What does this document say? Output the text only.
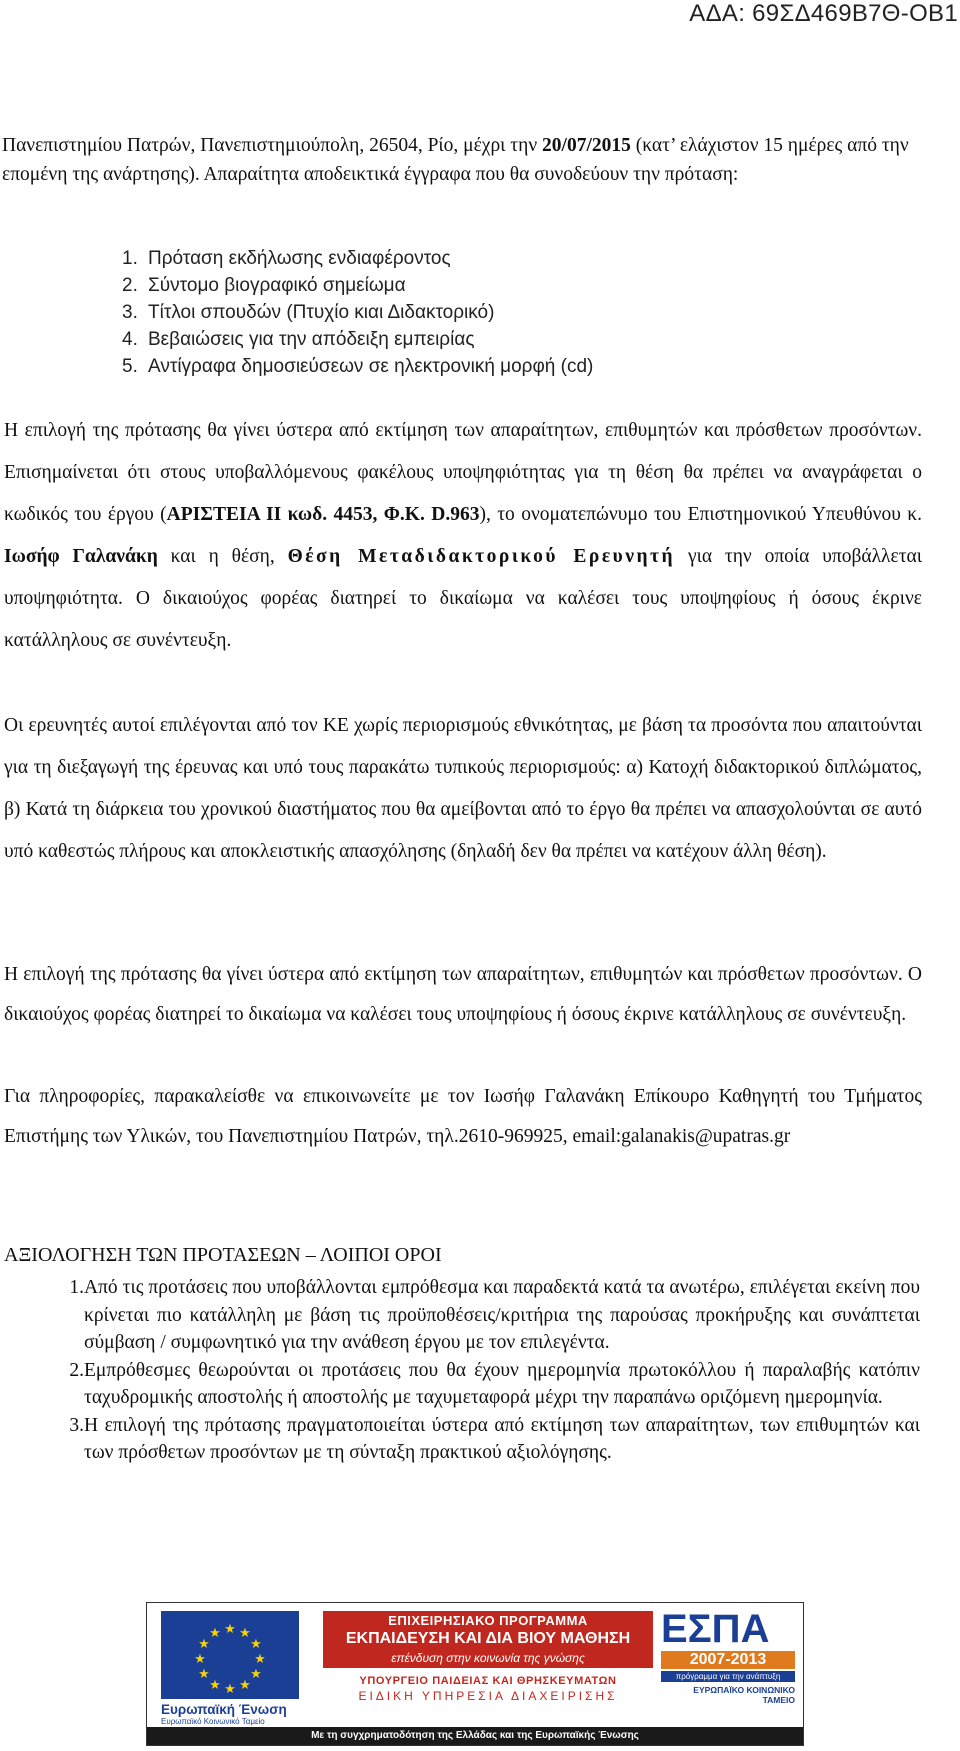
ΑΔΑ: 69ΣΔ469Β7Θ-ΟΒ1

Πανεπιστημίου Πατρών, Πανεπιστημιούπολη, 26504, Ρίο, μέχρι την 20/07/2015 (κατ’ ελάχιστον 15 ημέρες από την επομένη της ανάρτησης). Απαραίτητα αποδεικτικά έγγραφα που θα συνοδεύουν την πρόταση:

1. Πρόταση εκδήλωσης ενδιαφέροντος
2. Σύντομο βιογραφικό σημείωμα
3. Τίτλοι σπουδών (Πτυχίο κιαι Διδακτορικό)
4. Βεβαιώσεις για την απόδειξη εμπειρίας
5. Αντίγραφα δημοσιεύσεων σε ηλεκτρονική μορφή (cd)

Η επιλογή της πρότασης θα γίνει ύστερα από εκτίμηση των απαραίτητων, επιθυμητών και πρόσθετων προσόντων. Επισημαίνεται ότι στους υποβαλλόμενους φακέλους υποψηφιότητας για τη θέση θα πρέπει να αναγράφεται ο κωδικός του έργου (ΑΡΙΣΤΕΙΑ ΙΙ κωδ. 4453, Φ.Κ. D.963), το ονοματεπώνυμο του Επιστημονικού Υπευθύνου κ. Ιωσήφ Γαλανάκη και η θέση, Θέση Μεταδιδακτορικού Ερευνητή για την οποία υποβάλλεται υποψηφιότητα. Ο δικαιούχος φορέας διατηρεί το δικαίωμα να καλέσει τους υποψηφίους ή όσους έκρινε κατάλληλους σε συνέντευξη.

Οι ερευνητές αυτοί επιλέγονται από τον ΚΕ χωρίς περιορισμούς εθνικότητας, με βάση τα προσόντα που απαιτούνται για τη διεξαγωγή της έρευνας και υπό τους παρακάτω τυπικούς περιορισμούς: α) Κατοχή διδακτορικού διπλώματος, β) Κατά τη διάρκεια του χρονικού διαστήματος που θα αμείβονται από το έργο θα πρέπει να απασχολούνται σε αυτό υπό καθεστώς πλήρους και αποκλειστικής απασχόλησης (δηλαδή δεν θα πρέπει να κατέχουν άλλη θέση).

Η επιλογή της πρότασης θα γίνει ύστερα από εκτίμηση των απαραίτητων, επιθυμητών και πρόσθετων προσόντων. Ο δικαιούχος φορέας διατηρεί το δικαίωμα να καλέσει τους υποψηφίους ή όσους έκρινε κατάλληλους σε συνέντευξη.

Για πληροφορίες, παρακαλείσθε να επικοινωνείτε με τον Ιωσήφ Γαλανάκη Επίκουρο Καθηγητή του Τμήματος Επιστήμης των Υλικών, του Πανεπιστημίου Πατρών, τηλ.2610-969925, email:galanakis@upatras.gr

ΑΞΙΟΛΟΓΗΣΗ ΤΩΝ ΠΡΟΤΑΣΕΩΝ – ΛΟΙΠΟΙ ΟΡΟΙ

1. Από τις προτάσεις που υποβάλλονται εμπρόθεσμα και παραδεκτά κατά τα ανωτέρω, επιλέγεται εκείνη που κρίνεται πιο κατάλληλη με βάση τις προϋποθέσεις/κριτήρια της παρούσας προκήρυξης και συνάπτεται σύμβαση / συμφωνητικό για την ανάθεση έργου με τον επιλεγέντα.
2. Εμπρόθεσμες θεωρούνται οι προτάσεις που θα έχουν ημερομηνία πρωτοκόλλου ή παραλαβής κατόπιν ταχυδρομικής αποστολής ή αποστολής με ταχυμεταφορά μέχρι την παραπάνω οριζόμενη ημερομηνία.
3. Η επιλογή της πρότασης πραγματοποιείται ύστερα από εκτίμηση των απαραίτητων, των επιθυμητών και των πρόσθετων προσόντων με τη σύνταξη πρακτικού αξιολόγησης.
★ ★
★
★
★
★
★
★
★
★
★
★
Ευρωπαϊκή Ένωση
Ευρωπαϊκό Κοινωνικό Ταμείο
ΕΠΙΧΕΙΡΗΣΙΑΚΟ ΠΡΟΓΡΑΜΜΑ
ΕΚΠΑΙΔΕΥΣΗ ΚΑΙ ΔΙΑ ΒΙΟΥ ΜΑΘΗΣΗ
επένδυση στην κοινωνία της γνώσης
ΥΠΟΥΡΓΕΙΟ ΠΑΙΔΕΙΑΣ ΚΑΙ ΘΡΗΣΚΕΥΜΑΤΩΝ
ΕΙΔΙΚΗ ΥΠΗΡΕΣΙΑ ΔΙΑΧΕΙΡΙΣΗΣ
ΕΣΠΑ
2007-2013
πρόγραμμα για την ανάπτυξη
ΕΥΡΩΠΑΪΚΟ ΚΟΙΝΩΝΙΚΟ ΤΑΜΕΙΟ
Με τη συγχρηματοδότηση της Ελλάδας και της Ευρωπαϊκής Ένωσης
